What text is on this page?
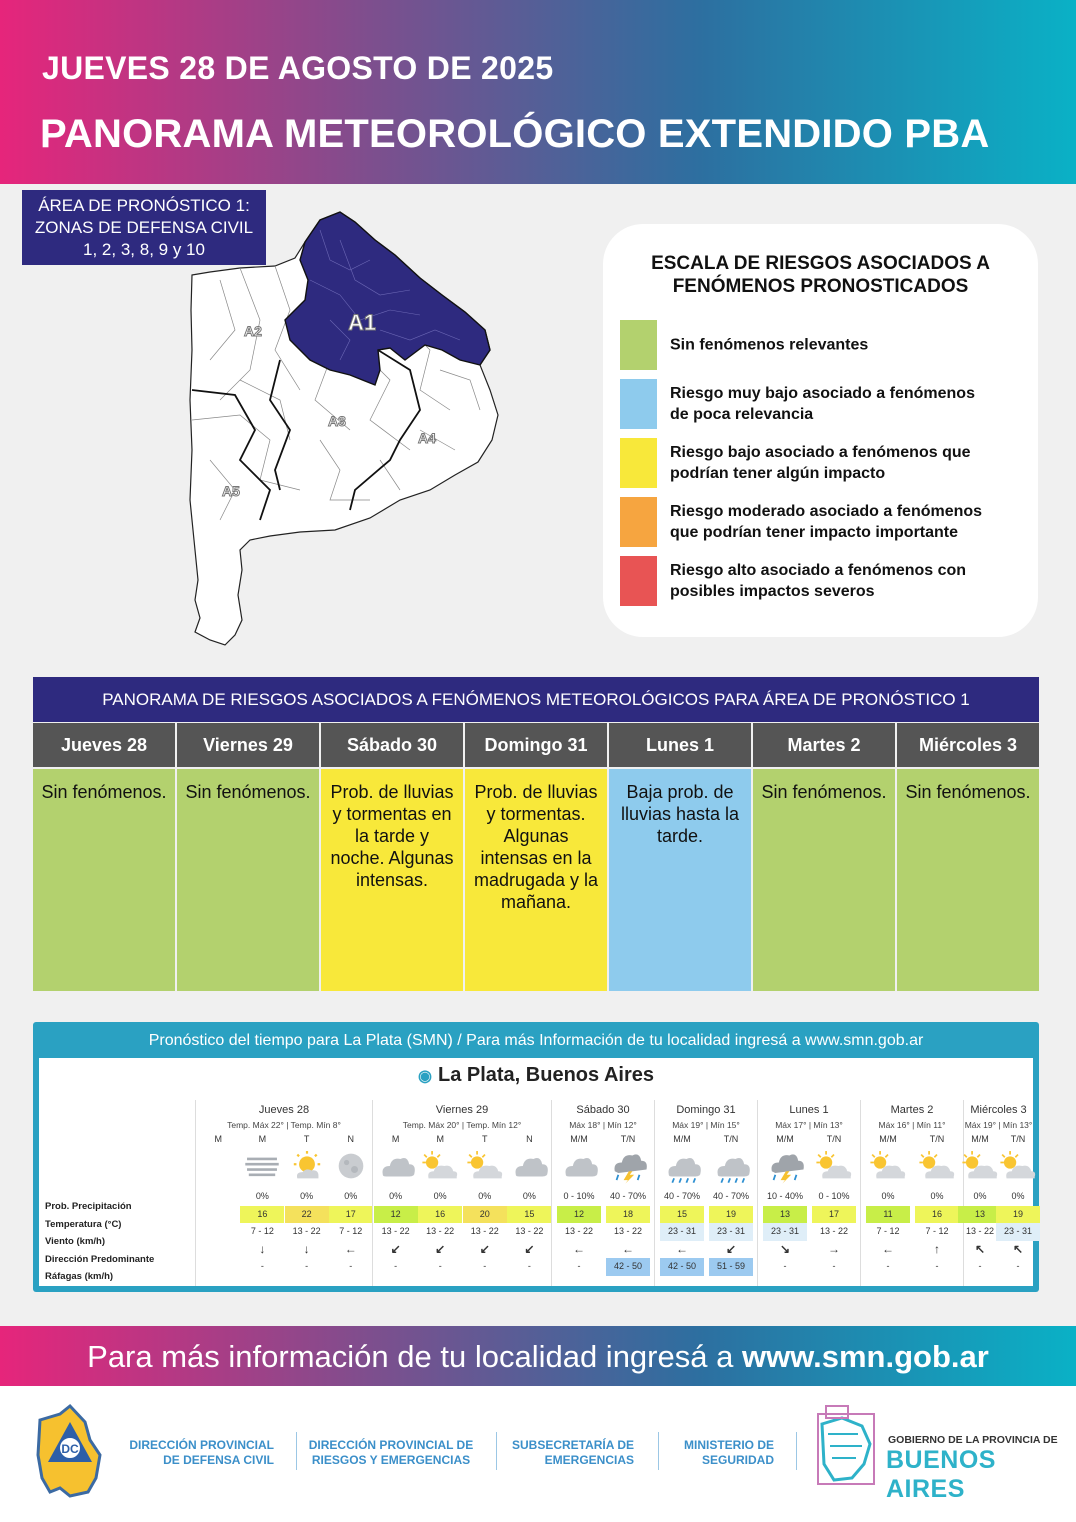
JUEVES 28 DE AGOSTO DE 2025
PANORAMA METEOROLÓGICO EXTENDIDO PBA
ÁREA DE PRONÓSTICO 1:
ZONAS DE DEFENSA CIVIL
1, 2, 3, 8, 9 y 10
A1
A2
A3
A4
A5
ESCALA DE RIESGOS ASOCIADOS A
FENÓMENOS PRONOSTICADOS
Sin fenómenos relevantes
Riesgo muy bajo asociado a fenómenos
de poca relevancia
Riesgo bajo asociado a fenómenos que
podrían tener algún impacto
Riesgo moderado asociado a fenómenos
que podrían tener impacto importante
Riesgo alto asociado a fenómenos con
posibles impactos severos
PANORAMA DE RIESGOS ASOCIADOS A FENÓMENOS METEOROLÓGICOS PARA ÁREA DE PRONÓSTICO 1
Jueves 28
Sin fenómenos.
Viernes 29
Sin fenómenos.
Sábado 30
Prob. de lluvias y tormentas en la tarde y noche. Algunas intensas.
Domingo 31
Prob. de lluvias y tormentas. Algunas intensas en la madrugada y la mañana.
Lunes 1
Baja prob. de lluvias hasta la tarde.
Martes 2
Sin fenómenos.
Miércoles 3
Sin fenómenos.
Pronóstico del tiempo para La Plata (SMN) / Para más Información de tu localidad ingresá a www.smn.gob.ar
◉ La Plata, Buenos Aires
Prob. Precipitación
Temperatura (°C)
Viento (km/h)
Dirección Predominante
Ráfagas (km/h)
Jueves 28
Temp. Máx 22° | Temp. Mín 8°
M	M
0%
16
7 - 12
↓
-
T
0%
22
13 - 22
↓
-
N
0%
17
7 - 12
←
-
Viernes 29
Temp. Máx 20° | Temp. Mín 12°
M
0%
12
13 - 22
↙
-
M
0%
16
13 - 22
↙
-
T
0%
20
13 - 22
↙
-
N
0%
15
13 - 22
↙
-
Sábado 30
Máx 18° | Mín 12°
M/M
0 - 10%
12
13 - 22
←
-
T/N
40 - 70%
18
13 - 22
←
42 - 50
Domingo 31
Máx 19° | Mín 15°
M/M
40 - 70%
15
23 - 31
←
42 - 50
T/N
40 - 70%
19
23 - 31
↙
51 - 59
Lunes 1
Máx 17° | Mín 13°
M/M
10 - 40%
13
23 - 31
↘
-
T/N
0 - 10%
17
13 - 22
→
-
Martes 2
Máx 16° | Mín 11°
M/M
0%
11
7 - 12
←
-
T/N
0%
16
7 - 12
↑
-
Miércoles 3
Máx 19° | Mín 13°
M/M
0%
13
13 - 22
↖
-
T/N
0%
19
23 - 31
↖
-
Para más información de tu localidad ingresá a www.smn.gob.ar
DC	DIRECCIÓN PROVINCIAL
DE DEFENSA CIVIL
DIRECCIÓN PROVINCIAL DE
RIESGOS Y EMERGENCIAS
SUBSECRETARÍA DE
EMERGENCIAS
MINISTERIO DE
SEGURIDAD
GOBIERNO DE LA PROVINCIA DE
BUENOS AIRES
